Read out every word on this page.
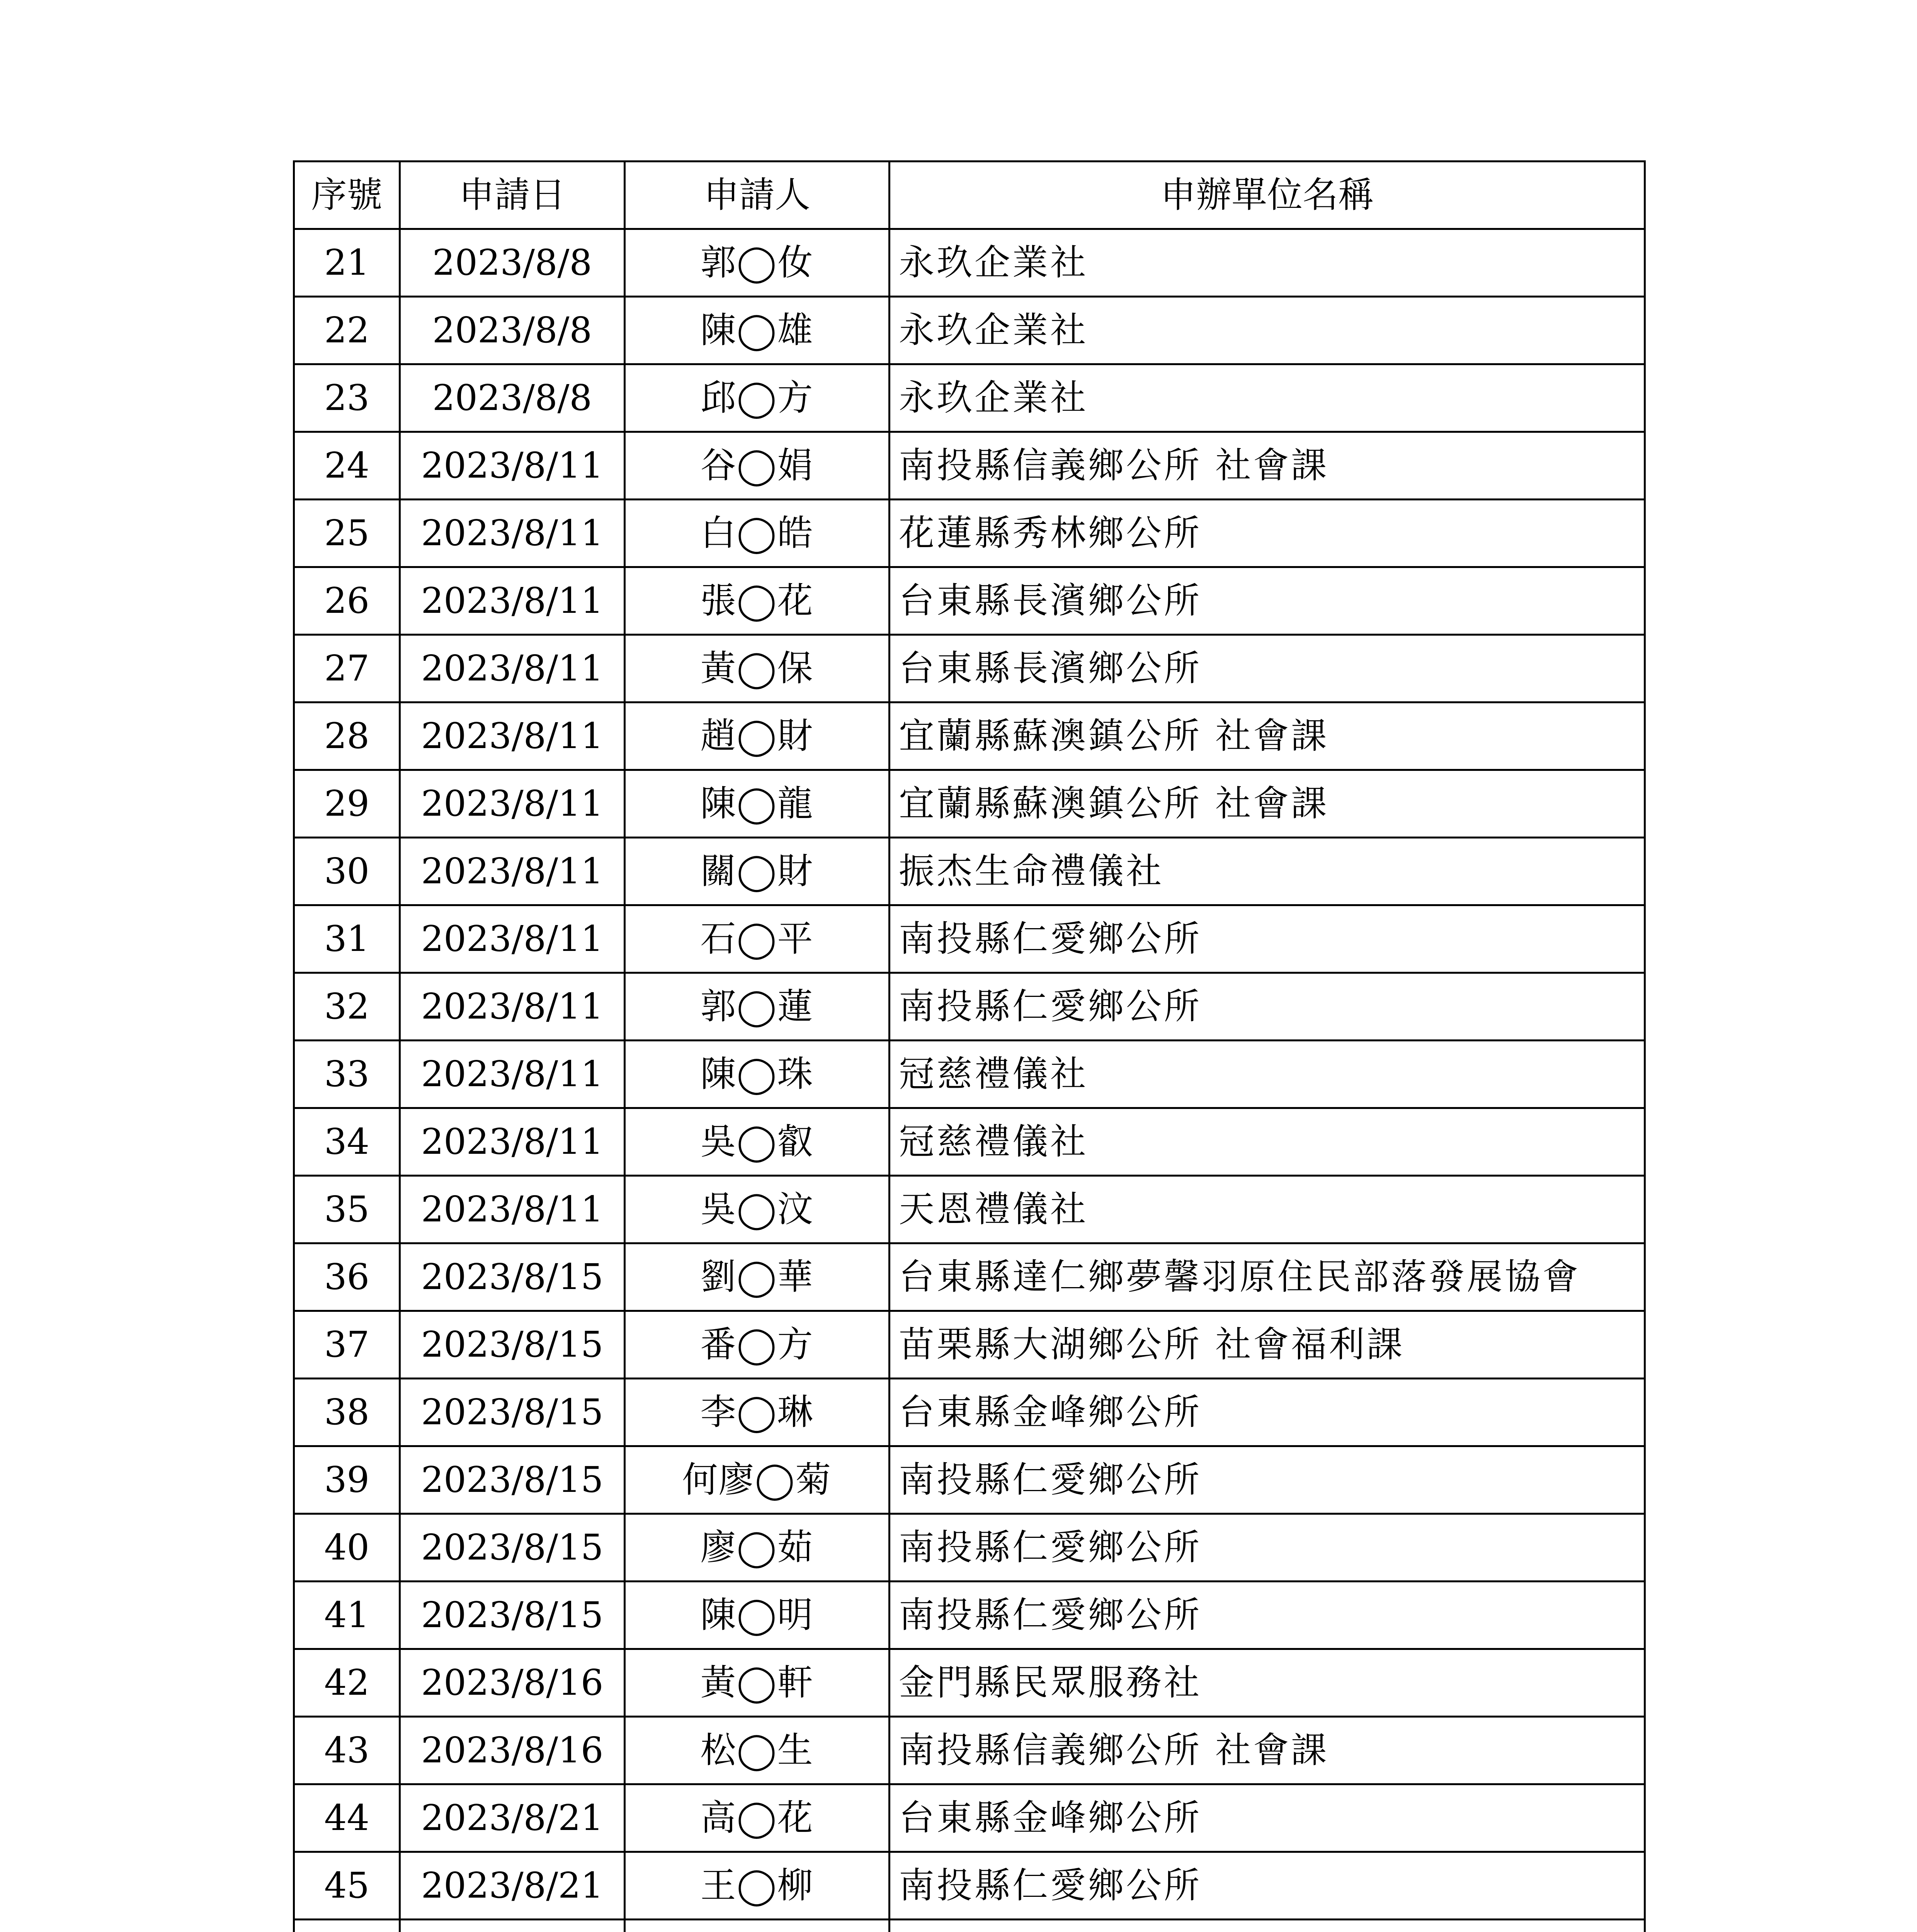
序號	申請日	申請人	申辦單位名稱
21	2023/8/8	郭◯㚢	永玖企業社
22	2023/8/8	陳◯雄	永玖企業社
23	2023/8/8	邱◯方	永玖企業社
24	2023/8/11	谷◯娟	南投縣信義鄉公所 社會課
25	2023/8/11	白◯皓	花蓮縣秀林鄉公所
26	2023/8/11	張◯花	台東縣長濱鄉公所
27	2023/8/11	黃◯保	台東縣長濱鄉公所
28	2023/8/11	趙◯財	宜蘭縣蘇澳鎮公所 社會課
29	2023/8/11	陳◯龍	宜蘭縣蘇澳鎮公所 社會課
30	2023/8/11	關◯財	振杰生命禮儀社
31	2023/8/11	石◯平	南投縣仁愛鄉公所
32	2023/8/11	郭◯蓮	南投縣仁愛鄉公所
33	2023/8/11	陳◯珠	冠慈禮儀社
34	2023/8/11	吳◯叡	冠慈禮儀社
35	2023/8/11	吳◯汶	天恩禮儀社
36	2023/8/15	劉◯華	台東縣達仁鄉夢馨羽原住民部落發展協會
37	2023/8/15	番◯方	苗栗縣大湖鄉公所 社會福利課
38	2023/8/15	李◯琳	台東縣金峰鄉公所
39	2023/8/15	何廖◯菊	南投縣仁愛鄉公所
40	2023/8/15	廖◯茹	南投縣仁愛鄉公所
41	2023/8/15	陳◯明	南投縣仁愛鄉公所
42	2023/8/16	黃◯軒	金門縣民眾服務社
43	2023/8/16	松◯生	南投縣信義鄉公所 社會課
44	2023/8/21	高◯花	台東縣金峰鄉公所
45	2023/8/21	王◯柳	南投縣仁愛鄉公所
